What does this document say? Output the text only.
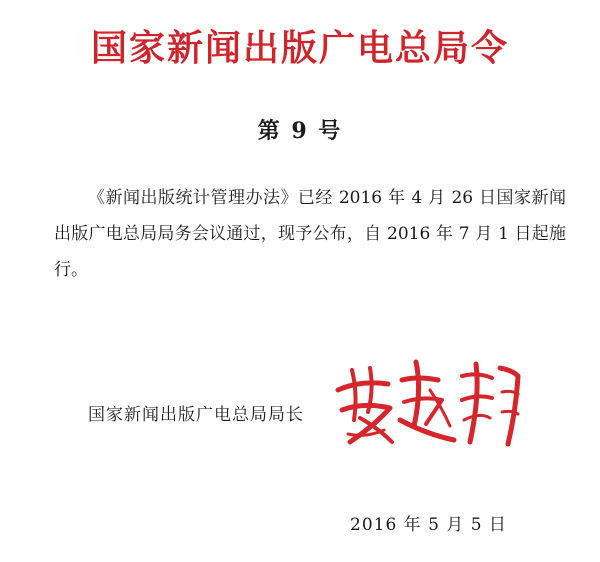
国家新闻出版广电总局令
第 9 号

《新闻出版统计管理办法》已经 2016 年 4 月 26 日国家新闻出版广电总局局务会议通过，现予公布，自 2016 年 7 月 1 日起施行。

国家新闻出版广电总局局长
2016 年 5 月 5 日
